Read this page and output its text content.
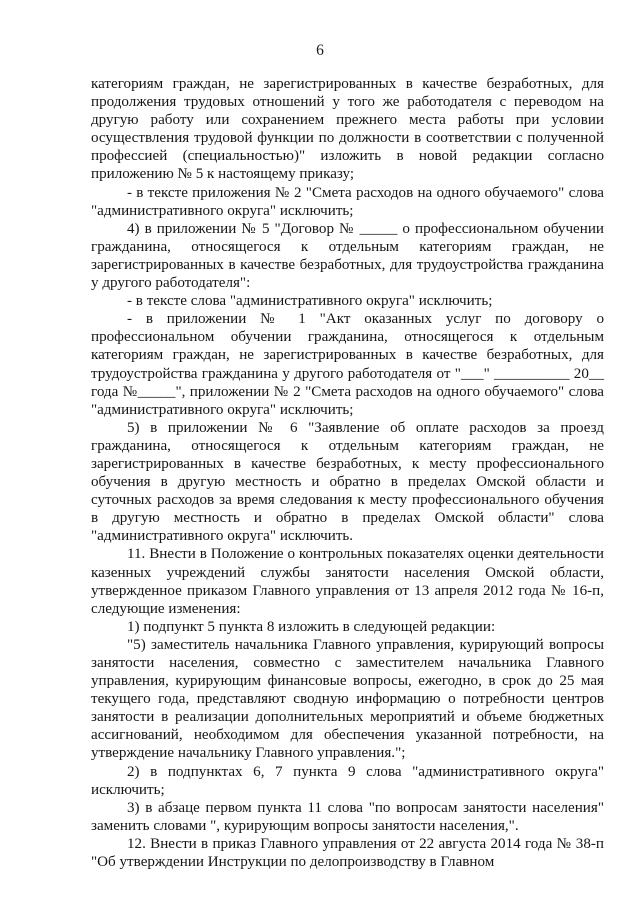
6

категориям граждан, не зарегистрированных в качестве безработных, для продолжения трудовых отношений у того же работодателя с переводом на другую работу или сохранением прежнего места работы при условии осуществления трудовой функции по должности в соответствии с полученной профессией (специальностью)" изложить в новой редакции согласно приложению № 5 к настоящему приказу;

- в тексте приложения № 2 "Смета расходов на одного обучаемого" слова "административного округа" исключить;

4) в приложении № 5 "Договор № _____ о профессиональном обучении гражданина, относящегося к отдельным категориям граждан, не зарегистрированных в качестве безработных, для трудоустройства гражданина у другого работодателя":

- в тексте слова "административного округа" исключить;

- в приложении № 1 "Акт оказанных услуг по договору о профессиональном обучении гражданина, относящегося к отдельным категориям граждан, не зарегистрированных в качестве безработных, для трудоустройства гражданина у другого работодателя от "___" __________ 20__ года №_____", приложении № 2 "Смета расходов на одного обучаемого" слова "административного округа" исключить;

5) в приложении № 6 "Заявление об оплате расходов за проезд гражданина, относящегося к отдельным категориям граждан, не зарегистрированных в качестве безработных, к месту профессионального обучения в другую местность и обратно в пределах Омской области и суточных расходов за время следования к месту профессионального обучения в другую местность и обратно в пределах Омской области" слова "административного округа" исключить.

11. Внести в Положение о контрольных показателях оценки деятельности казенных учреждений службы занятости населения Омской области, утвержденное приказом Главного управления от 13 апреля 2012 года № 16-п, следующие изменения:

1) подпункт 5 пункта 8 изложить в следующей редакции:

"5) заместитель начальника Главного управления, курирующий вопросы занятости населения, совместно с заместителем начальника Главного управления, курирующим финансовые вопросы, ежегодно, в срок до 25 мая текущего года, представляют сводную информацию о потребности центров занятости в реализации дополнительных мероприятий и объеме бюджетных ассигнований, необходимом для обеспечения указанной потребности, на утверждение начальнику Главного управления.";

2) в подпунктах 6, 7 пункта 9 слова "административного округа" исключить;

3) в абзаце первом пункта 11 слова "по вопросам занятости населения" заменить словами ", курирующим вопросы занятости населения,".

12. Внести в приказ Главного управления от 22 августа 2014 года № 38-п "Об утверждении Инструкции по делопроизводству в Главном
